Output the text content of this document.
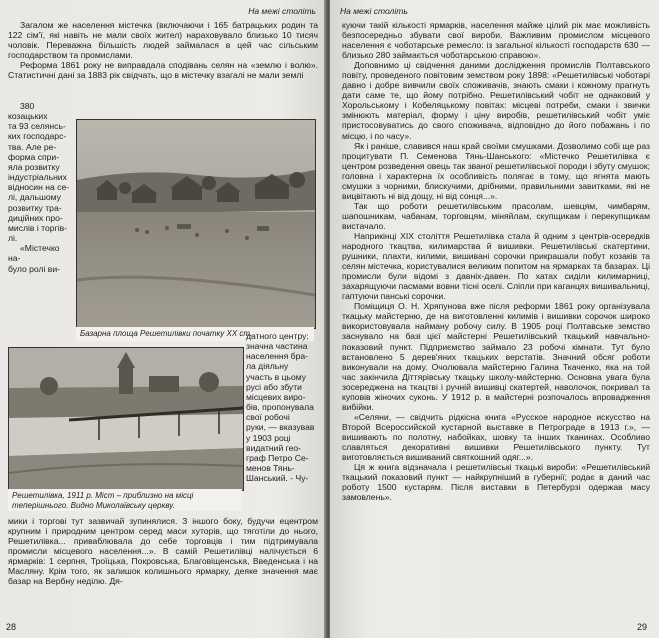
На межі століть

Загалом же населення містечка (включаючи і 165 батрацьких родин та 122 сім'ї, які навіть не мали своїх жител) нараховувало близько 10 тисяч чоловік. Переважна більшість людей займалася в цей час сільським господарством та промислами.

Реформа 1861 року не виправдала сподівань селян на «землю і волю». Статистичні дані за 1883 рік свідчать, що в містечку взагалі не мали землі

380 козацьких
та 93 селянсь-
ких господарс-
тва. Але ре-
форма спри-
яла розвитку
індустріальних
відносин на се-
лі, дальшому
розвитку тра-
диційних про-
мислів і торгів-
лі.
«Містечко на-
було ролі ви-
Базарна площа Решетилівки початку XX ст.
Решетилівка, 1911 р. Міст – приблизно на місці теперішнього. Видно Миколаївську церкву.
датного центру;
значна частина
населення бра-
ла діяльну
участь в цьому
русі або збути
місцевих виро-
бів, пропонувала
свої робочі
руки, — вказував
у 1903 році
видатний гео-
граф Петро Се-
менов Тянь-
Шанський. - Чу-

мики і торгові тут зазвичай зупинялися. З іншого боку, будучи ецентром крупним і природним центром серед маси хуторів, що тяготіли до нього, Решетилівка... приваблювала до себе торговців і тим підтримувала промисли місцевого населення...». В самій Решетилівці налічується 6 ярмарків: 1 серпня, Троїцька, Покровська, Благовіщенська, Введенська і на Масляну. Крім того, як залишок колишнього ярмарку, деяке значення має базар на Вербну неділю. Дя-

28
На межі століть

куючи такій кількості ярмарків, населення майже цілий рік має можливість безпосередньо збувати свої вироби. Важливим промислом місцевого населення є чоботарське ремесло: із загальної кількості господарств 630 — близько 280 займається чоботарською справою».

Доповнимо ці свідчення даними дослідження промислів Полтавського повіту, проведеного повітовим земством року 1898: «Решетилівські чоботарі давно і добре вивчили своїх споживачів, знають смаки і кожному прагнуть дати саме те, що йому потрібно. Решетилівський чобіт не однаковий у Хорольському і Кобеляцькому повітах: місцеві потреби, смаки і звички змінюють матеріал, форму і ціну виробів, решетилівський чобіт уміє пристосовуватись до свого споживача, відповідно до його побажань і по місцю, і по часу».

Як і раніше, славився наш край своїми смушками. Дозволимо собі ще раз процитувати П. Семенова Тянь-Шанського: «Містечко Решетилівка є центром розведення овець так званої решетилівської породи і збуту смушок; головна і характерна їх особливість полягає в тому, що ягнята мають смушки з чорними, блискучими, дрібними, правильними завитками, які не вицвітають ні від дощу, ні від сонця...».

Так що роботи решетилівським прасолам, шевцям, чимбарям, шапошникам, чабанам, торговцям, міняйлам, скупщикам і перекупщикам вистачало.

Наприкінці XIX століття Решетилівка стала й одним з центрів-осередків народного ткацтва, килимарства й вишивки. Решетилівські скатертини, рушники, плахти, килими, вишивані сорочки прикрашали побут козаків та селян містечка, користувалися великим попитом на ярмарках та базарах. Ці промисли були відомі з давніх-давен. По хатах сиділи килимарниці, захарящуючи пасмами вовни тісні оселі. Сліпли при каганцях вишивальниці, гаптуючи панські сорочки.

Поміщиця О. Н. Хряпунова вже після реформи 1861 року організувала ткацьку майстерню, де на виготовленні килимів і вишивки сорочок широко використовувала найману робочу силу. В 1905 році Полтавське земство заснувало на базі цієї майстерні Решетилівський ткацький навчально-показовий пункт. Підприємство займало 23 робочі кімнати. Тут було встановлено 5 дерев'яних ткацьких верстатів. Значний обсяг роботи виконували на дому. Очолювала майстерню Галина Ткаченко, яка на той час закінчила Діттярівську ткацьку школу-майстерню. Основна увага була зосереджена на ткацтві і ручній вишивці скатертей, наволочок, покривал та куповів жіночих суконь. У 1912 р. в майстерні розпочалось впровадження вибійки.

«Селяни, — свідчить рідкісна книга «Русское народное искусство на Второй Всероссийской кустарной выставке в Петрограде в 1913 г.», — вишивають по полотну, набойках, шовку та інших тканинах. Особливо славляться декоративні вишивки Решетилівського пункту. Тут виготовляється вишиваний святкошний одяг...».

Ця ж книга відзначала і решетилівські ткацькі вироби: «Решетилівський ткацький показовий пункт — найкрупніший в губернії; родає в даний час роботу 1500 кустарям. Після виставки в Петербурзі одержав масу замовлень».

29
